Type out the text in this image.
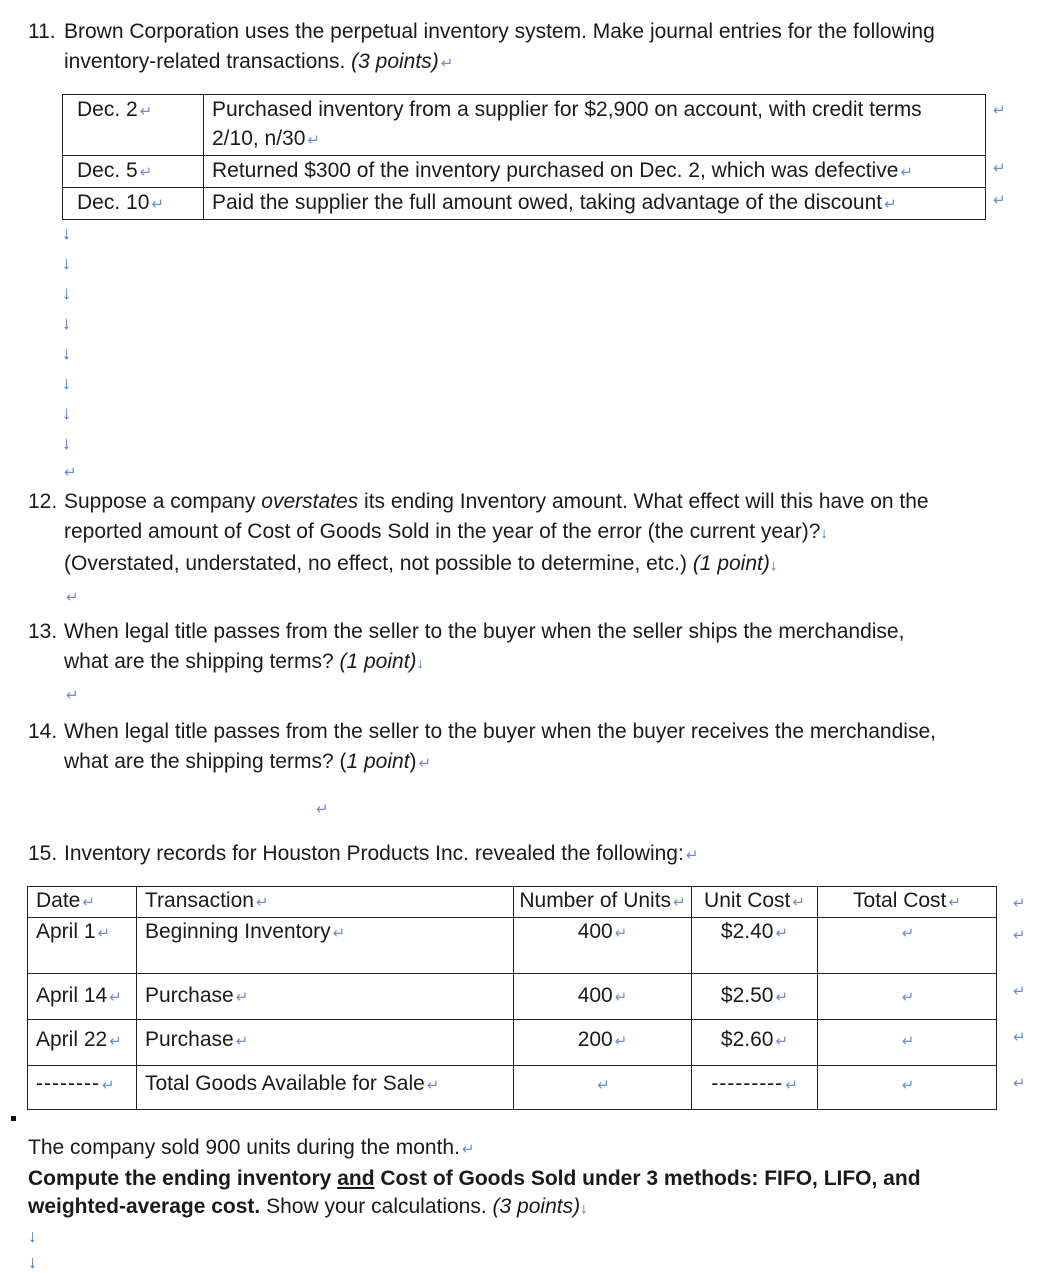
11. Brown Corporation uses the perpetual inventory system. Make journal entries for the following
inventory-related transactions. (3 points) ↵
Dec. 2 ↵	Purchased inventory from a supplier for $2,900 on account, with credit terms
2/10, n/30 ↵
Dec. 5 ↵	Returned $300 of the inventory purchased on Dec. 2, which was defective ↵
Dec. 10 ↵	Paid the supplier the full amount owed, taking advantage of the discount ↵
↵
↵
↵
↓
↓
↓
↓
↓
↓
↓
↓
↵
12. Suppose a company overstates its ending Inventory amount. What effect will this have on the
reported amount of Cost of Goods Sold in the year of the error (the current year)?↓
(Overstated, understated, no effect, not possible to determine, etc.) (1 point)↓
↵
13. When legal title passes from the seller to the buyer when the seller ships the merchandise,
what are the shipping terms? (1 point)↓
↵
14. When legal title passes from the seller to the buyer when the buyer receives the merchandise,
what are the shipping terms? (1 point) ↵
↵
15. Inventory records for Houston Products Inc. revealed the following: ↵
Date ↵	Transaction ↵	Number of Units ↵	Unit Cost ↵	Total Cost ↵
April 1 ↵	Beginning Inventory ↵	400 ↵	$2.40 ↵	↵
April 14 ↵	Purchase ↵	400 ↵	$2.50 ↵	↵
April 22 ↵	Purchase ↵	200 ↵	$2.60 ↵	↵
-------- ↵	Total Goods Available for Sale ↵	↵	--------- ↵	↵
↵
↵
↵
↵
↵
The company sold 900 units during the month. ↵
Compute the ending inventory and Cost of Goods Sold under 3 methods: FIFO, LIFO, and
weighted-average cost. Show your calculations. (3 points)↓
↓
↓
